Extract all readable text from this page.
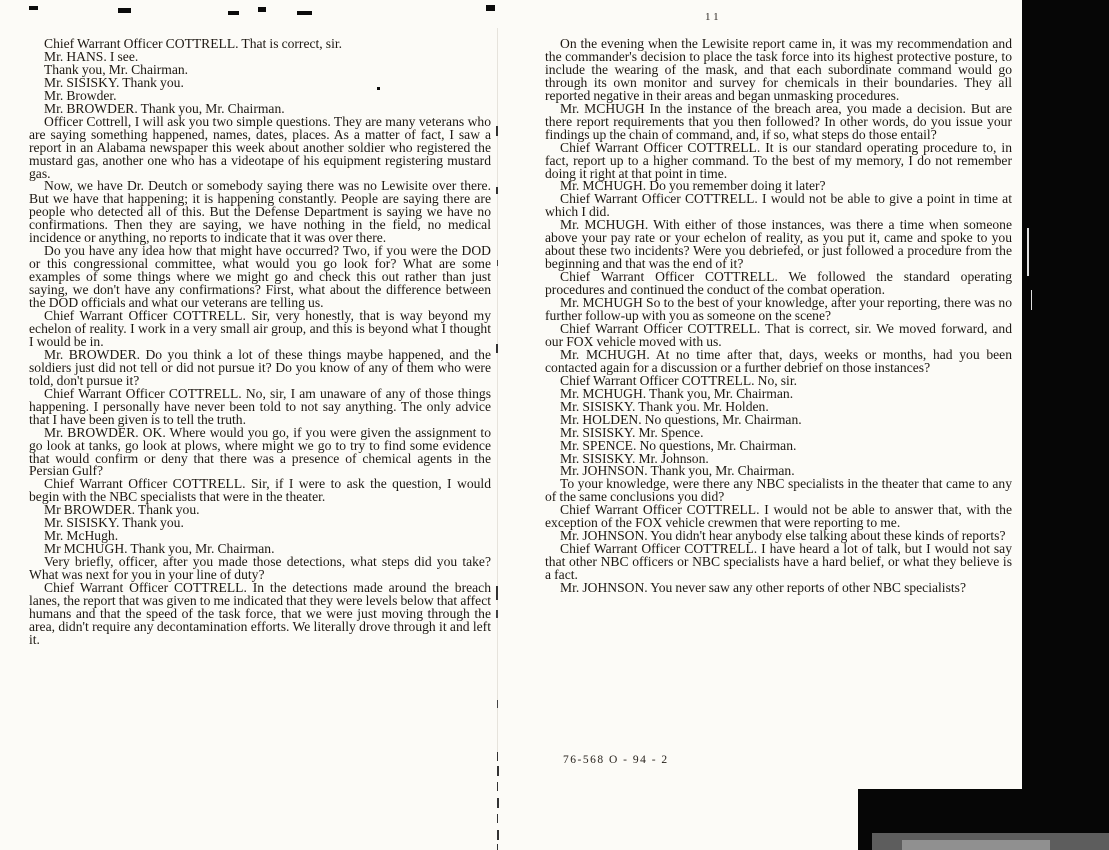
11

Chief Warrant Officer COTTRELL. That is correct, sir.

Mr. HANS. I see.

Thank you, Mr. Chairman.

Mr. SISISKY. Thank you.

Mr. Browder.

Mr. BROWDER. Thank you, Mr. Chairman.

Officer Cottrell, I will ask you two simple questions. They are many veterans who are saying something happened, names, dates, places. As a matter of fact, I saw a report in an Alabama newspaper this week about another soldier who registered the mustard gas, another one who has a videotape of his equipment registering mustard gas.

Now, we have Dr. Deutch or somebody saying there was no Lewisite over there. But we have that happening; it is happening constantly. People are saying there are people who detected all of this. But the Defense Department is saying we have no confirmations. Then they are saying, we have nothing in the field, no medical incidence or anything, no reports to indicate that it was over there.

Do you have any idea how that might have occurred? Two, if you were the DOD or this congressional committee, what would you go look for? What are some examples of some things where we might go and check this out rather than just saying, we don't have any confirmations? First, what about the difference between the DOD officials and what our veterans are telling us.

Chief Warrant Officer COTTRELL. Sir, very honestly, that is way beyond my echelon of reality. I work in a very small air group, and this is beyond what I thought I would be in.

Mr. BROWDER. Do you think a lot of these things maybe happened, and the soldiers just did not tell or did not pursue it? Do you know of any of them who were told, don't pursue it?

Chief Warrant Officer COTTRELL. No, sir, I am unaware of any of those things happening. I personally have never been told to not say anything. The only advice that I have been given is to tell the truth.

Mr. BROWDER. OK. Where would you go, if you were given the assignment to go look at tanks, go look at plows, where might we go to try to find some evidence that would confirm or deny that there was a presence of chemical agents in the Persian Gulf?

Chief Warrant Officer COTTRELL. Sir, if I were to ask the question, I would begin with the NBC specialists that were in the theater.

Mr BROWDER. Thank you.

Mr. SISISKY. Thank you.

Mr. McHugh.

Mr MCHUGH. Thank you, Mr. Chairman.

Very briefly, officer, after you made those detections, what steps did you take? What was next for you in your line of duty?

Chief Warrant Officer COTTRELL. In the detections made around the breach lanes, the report that was given to me indicated that they were levels below that affect humans and that the speed of the task force, that we were just moving through the area, didn't require any decontamination efforts. We literally drove through it and left it.

On the evening when the Lewisite report came in, it was my recommendation and the commander's decision to place the task force into its highest protective posture, to include the wearing of the mask, and that each subordinate command would go through its own monitor and survey for chemicals in their boundaries. They all reported negative in their areas and began unmasking procedures.

Mr. MCHUGH In the instance of the breach area, you made a decision. But are there report requirements that you then followed? In other words, do you issue your findings up the chain of command, and, if so, what steps do those entail?

Chief Warrant Officer COTTRELL. It is our standard operating procedure to, in fact, report up to a higher command. To the best of my memory, I do not remember doing it right at that point in time.

Mr. MCHUGH. Do you remember doing it later?

Chief Warrant Officer COTTRELL. I would not be able to give a point in time at which I did.

Mr. MCHUGH. With either of those instances, was there a time when someone above your pay rate or your echelon of reality, as you put it, came and spoke to you about these two incidents? Were you debriefed, or just followed a procedure from the beginning and that was the end of it?

Chief Warrant Officer COTTRELL. We followed the standard operating procedures and continued the conduct of the combat operation.

Mr. MCHUGH So to the best of your knowledge, after your reporting, there was no further follow-up with you as someone on the scene?

Chief Warrant Officer COTTRELL. That is correct, sir. We moved forward, and our FOX vehicle moved with us.

Mr. MCHUGH. At no time after that, days, weeks or months, had you been contacted again for a discussion or a further debrief on those instances?

Chief Warrant Officer COTTRELL. No, sir.

Mr. MCHUGH. Thank you, Mr. Chairman.

Mr. SISISKY. Thank you. Mr. Holden.

Mr. HOLDEN. No questions, Mr. Chairman.

Mr. SISISKY. Mr. Spence.

Mr. SPENCE. No questions, Mr. Chairman.

Mr. SISISKY. Mr. Johnson.

Mr. JOHNSON. Thank you, Mr. Chairman.

To your knowledge, were there any NBC specialists in the theater that came to any of the same conclusions you did?

Chief Warrant Officer COTTRELL. I would not be able to answer that, with the exception of the FOX vehicle crewmen that were reporting to me.

Mr. JOHNSON. You didn't hear anybody else talking about these kinds of reports?

Chief Warrant Officer COTTRELL. I have heard a lot of talk, but I would not say that other NBC officers or NBC specialists have a hard belief, or what they believe is a fact.

Mr. JOHNSON. You never saw any other reports of other NBC specialists?

76-568 O - 94 - 2
